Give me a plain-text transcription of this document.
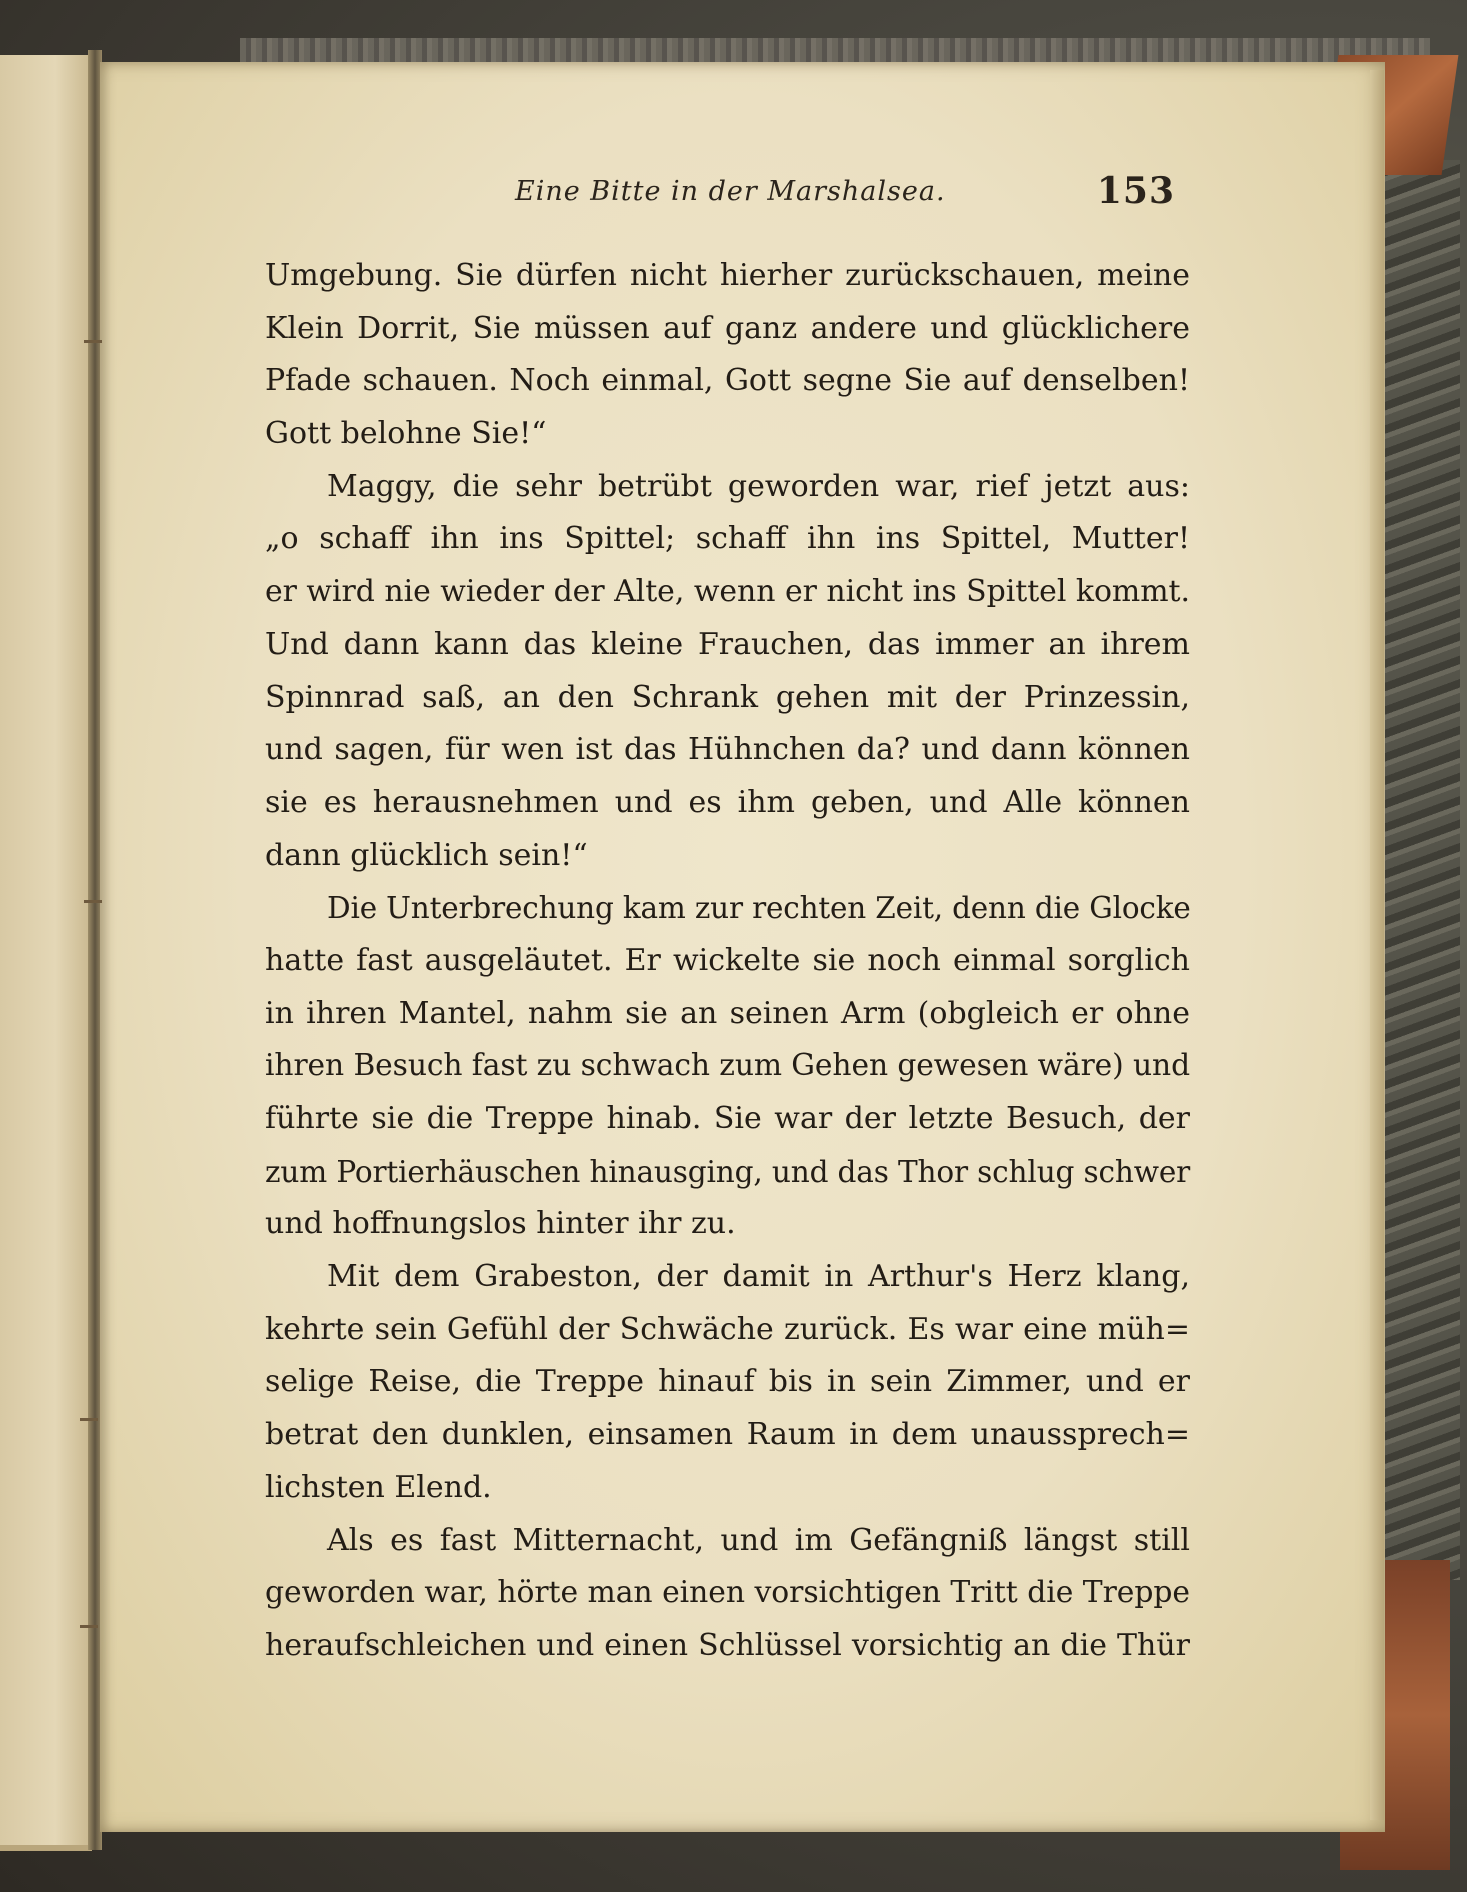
Eine Bitte in der Marshalsea.	153

Umgebung. Sie dürfen nicht hierher zurückschauen, meine
Klein Dorrit, Sie müssen auf ganz andere und glücklichere
Pfade schauen. Noch einmal, Gott segne Sie auf denselben!
Gott belohne Sie!“

Maggy, die sehr betrübt geworden war, rief jetzt aus:
„o schaff ihn ins Spittel; schaff ihn ins Spittel, Mutter!
er wird nie wieder der Alte, wenn er nicht ins Spittel kommt.
Und dann kann das kleine Frauchen, das immer an ihrem
Spinnrad saß, an den Schrank gehen mit der Prinzessin,
und sagen, für wen ist das Hühnchen da? und dann können
sie es herausnehmen und es ihm geben, und Alle können
dann glücklich sein!“

Die Unterbrechung kam zur rechten Zeit, denn die Glocke
hatte fast ausgeläutet. Er wickelte sie noch einmal sorglich
in ihren Mantel, nahm sie an seinen Arm (obgleich er ohne
ihren Besuch fast zu schwach zum Gehen gewesen wäre) und
führte sie die Treppe hinab. Sie war der letzte Besuch, der
zum Portierhäuschen hinausging, und das Thor schlug schwer
und hoffnungslos hinter ihr zu.

Mit dem Grabeston, der damit in Arthur's Herz klang,
kehrte sein Gefühl der Schwäche zurück. Es war eine müh=
selige Reise, die Treppe hinauf bis in sein Zimmer, und er
betrat den dunklen, einsamen Raum in dem unaussprech=
lichsten Elend.

Als es fast Mitternacht, und im Gefängniß längst still
geworden war, hörte man einen vorsichtigen Tritt die Treppe
heraufschleichen und einen Schlüssel vorsichtig an die Thür
